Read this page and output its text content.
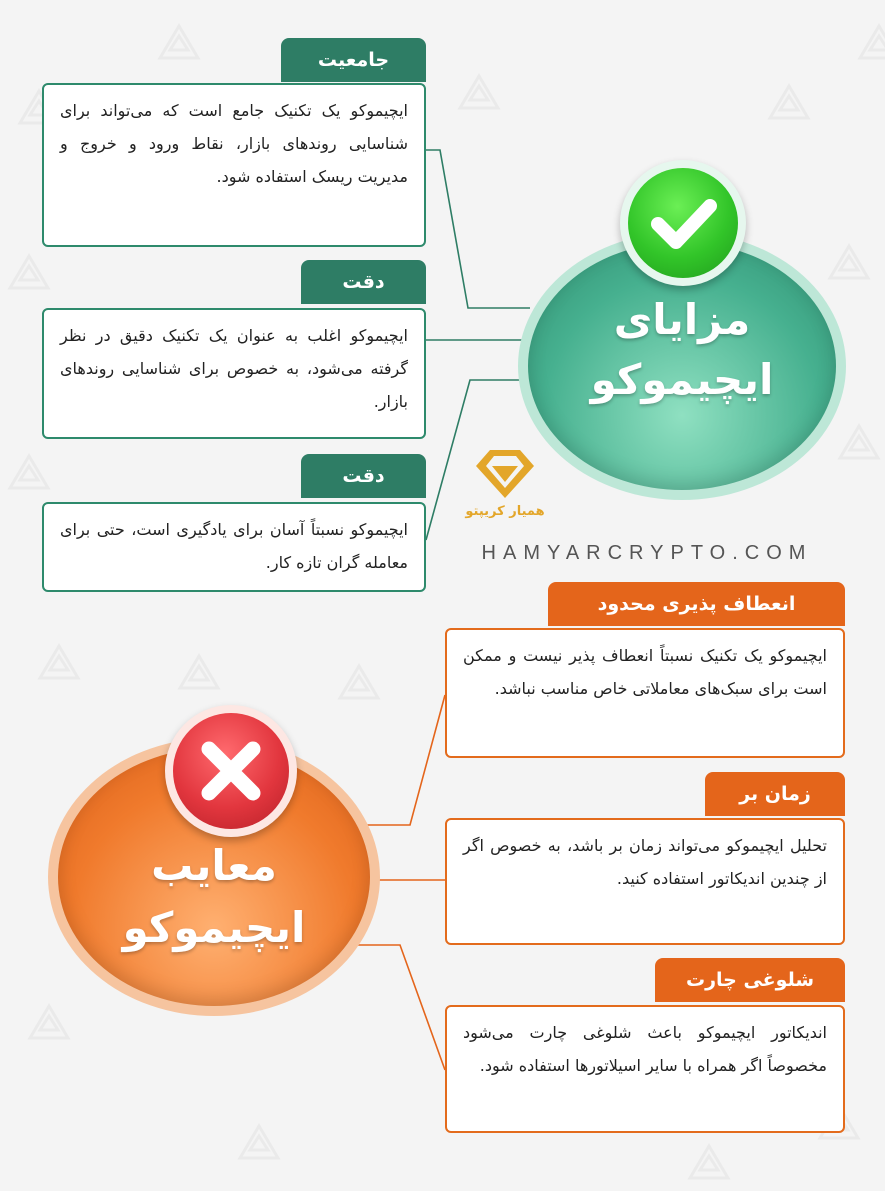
مزایای
ایچیموکو
جامعیت
ایچیموکو یک تکنیک جامع است که می‌تواند برای شناسایی روندهای بازار، نقاط ورود و خروج و مدیریت ریسک استفاده شود.
دقت
ایچیموکو اغلب به عنوان یک تکنیک دقیق در نظر گرفته می‌شود، به خصوص برای شناسایی روندهای بازار.
دقت
ایچیموکو نسبتاً آسان برای یادگیری است، حتی برای معامله گران تازه کار.
همیار کریپتو
HAMYARCRYPTO.COM
معایب
ایچیموکو
انعطاف پذیری محدود
ایچیموکو یک تکنیک نسبتاً انعطاف پذیر نیست و ممکن است برای سبک‌های معاملاتی خاص مناسب نباشد.
زمان بر
تحلیل ایچیموکو می‌تواند زمان بر باشد، به خصوص اگر از چندین اندیکاتور استفاده کنید.
شلوغی چارت
اندیکاتور ایچیموکو باعث شلوغی چارت می‌شود مخصوصاً اگر همراه با سایر اسیلاتورها استفاده شود.
